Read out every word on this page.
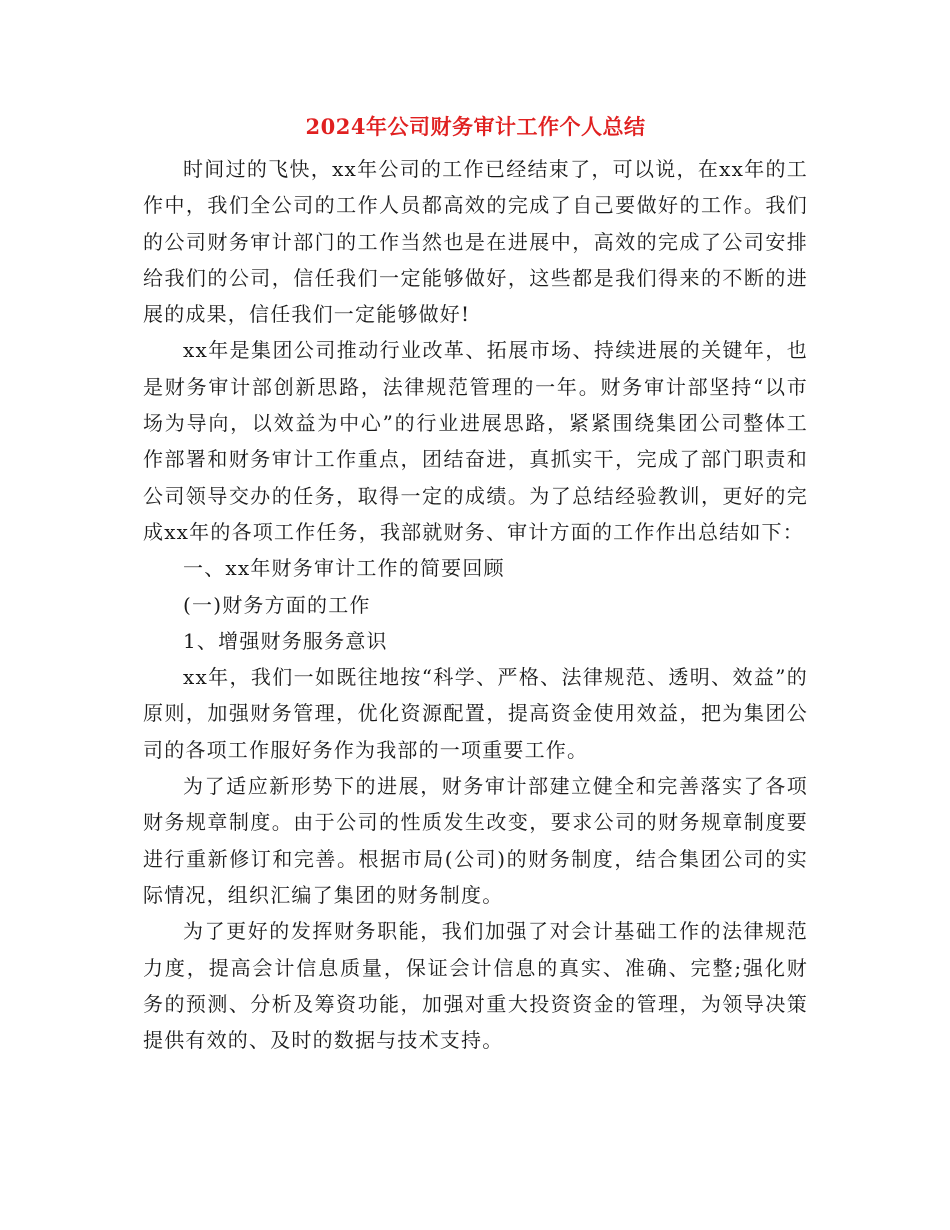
2024年公司财务审计工作个人总结

时间过的飞快，xx年公司的工作已经结束了，可以说，在xx年的工作中，我们全公司的工作人员都高效的完成了自己要做好的工作。我们的公司财务审计部门的工作当然也是在进展中，高效的完成了公司安排给我们的公司，信任我们一定能够做好，这些都是我们得来的不断的进展的成果，信任我们一定能够做好!

xx年是集团公司推动行业改革、拓展市场、持续进展的关键年，也是财务审计部创新思路，法律规范管理的一年。财务审计部坚持“以市场为导向，以效益为中心”的行业进展思路，紧紧围绕集团公司整体工作部署和财务审计工作重点，团结奋进，真抓实干，完成了部门职责和公司领导交办的任务，取得一定的成绩。为了总结经验教训，更好的完成xx年的各项工作任务，我部就财务、审计方面的工作作出总结如下：

一、xx年财务审计工作的简要回顾

(一)财务方面的工作

1、增强财务服务意识

xx年，我们一如既往地按“科学、严格、法律规范、透明、效益”的原则，加强财务管理，优化资源配置，提高资金使用效益，把为集团公司的各项工作服好务作为我部的一项重要工作。

为了适应新形势下的进展，财务审计部建立健全和完善落实了各项财务规章制度。由于公司的性质发生改变，要求公司的财务规章制度要进行重新修订和完善。根据市局(公司)的财务制度，结合集团公司的实际情况，组织汇编了集团的财务制度。

为了更好的发挥财务职能，我们加强了对会计基础工作的法律规范力度，提高会计信息质量，保证会计信息的真实、准确、完整;强化财务的预测、分析及筹资功能，加强对重大投资资金的管理，为领导决策提供有效的、及时的数据与技术支持。
